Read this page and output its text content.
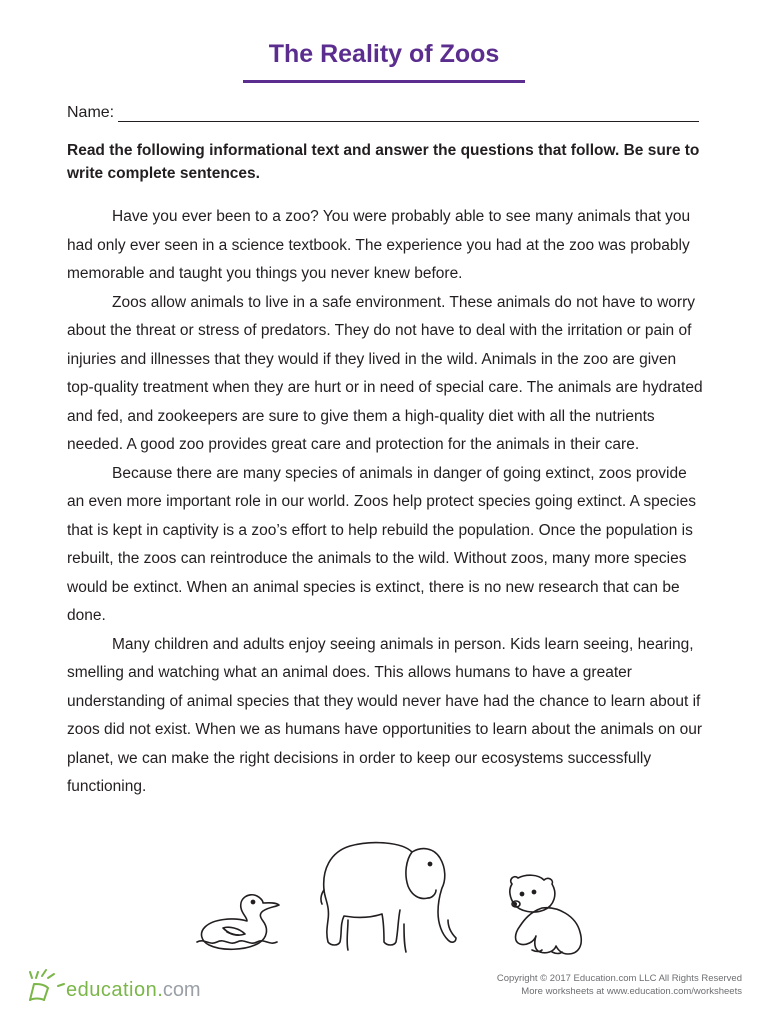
The Reality of Zoos
Name:
Read the following informational text and answer the questions that follow. Be sure to write complete sentences.

Have you ever been to a zoo? You were probably able to see many animals that you had only ever seen in a science textbook. The experience you had at the zoo was probably memorable and taught you things you never knew before.

Zoos allow animals to live in a safe environment. These animals do not have to worry about the threat or stress of predators. They do not have to deal with the irritation or pain of injuries and illnesses that they would if they lived in the wild. Animals in the zoo are given top-quality treatment when they are hurt or in need of special care. The animals are hydrated and fed, and zookeepers are sure to give them a high-quality diet with all the nutrients needed. A good zoo provides great care and protection for the animals in their care.

Because there are many species of animals in danger of going extinct, zoos provide an even more important role in our world. Zoos help protect species going extinct. A species that is kept in captivity is a zoo’s effort to help rebuild the population. Once the population is rebuilt, the zoos can reintroduce the animals to the wild. Without zoos, many more species would be extinct. When an animal species is extinct, there is no new research that can be done.

Many children and adults enjoy seeing animals in person. Kids learn seeing, hearing, smelling and watching what an animal does. This allows humans to have a greater understanding of animal species that they would never have had the chance to learn about if zoos did not exist. When we as humans have opportunities to learn about the animals on our planet, we can make the right decisions in order to keep our ecosystems successfully functioning.

education . com
Copyright © 2017 Education.com LLC All Rights Reserved
More worksheets at www.education.com/worksheets
